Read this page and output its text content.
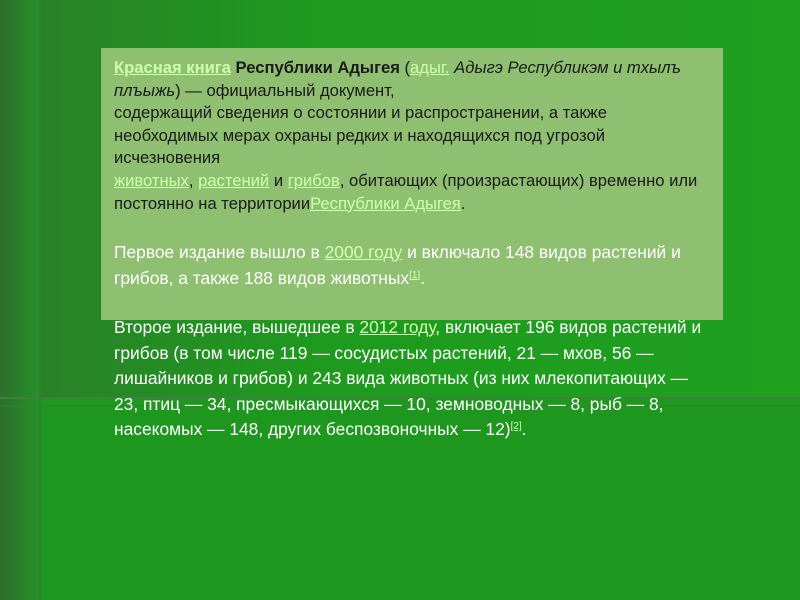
Красная книга Республики Адыгея (адыг. Адыгэ Республикэм и тхылъ плъыжь) — официальный документ,
содержащий сведения о состоянии и распространении, а также необходимых мерах охраны редких и находящихся под угрозой исчезновения
животных, растений и грибов, обитающих (произрастающих) временно или постоянно на территорииРеспублики Адыгея.

Первое издание вышло в 2000 году и включало 148 видов растений и грибов, а также 188 видов животных[1].

Второе издание, вышедшее в 2012 году, включает 196 видов растений и грибов (в том числе 119 — сосудистых растений, 21 — мхов, 56 — лишайников и грибов) и 243 вида животных (из них млекопитающих — 23, птиц — 34, пресмыкающихся — 10, земноводных — 8, рыб — 8, насекомых — 148, других беспозвоночных — 12)[2].
